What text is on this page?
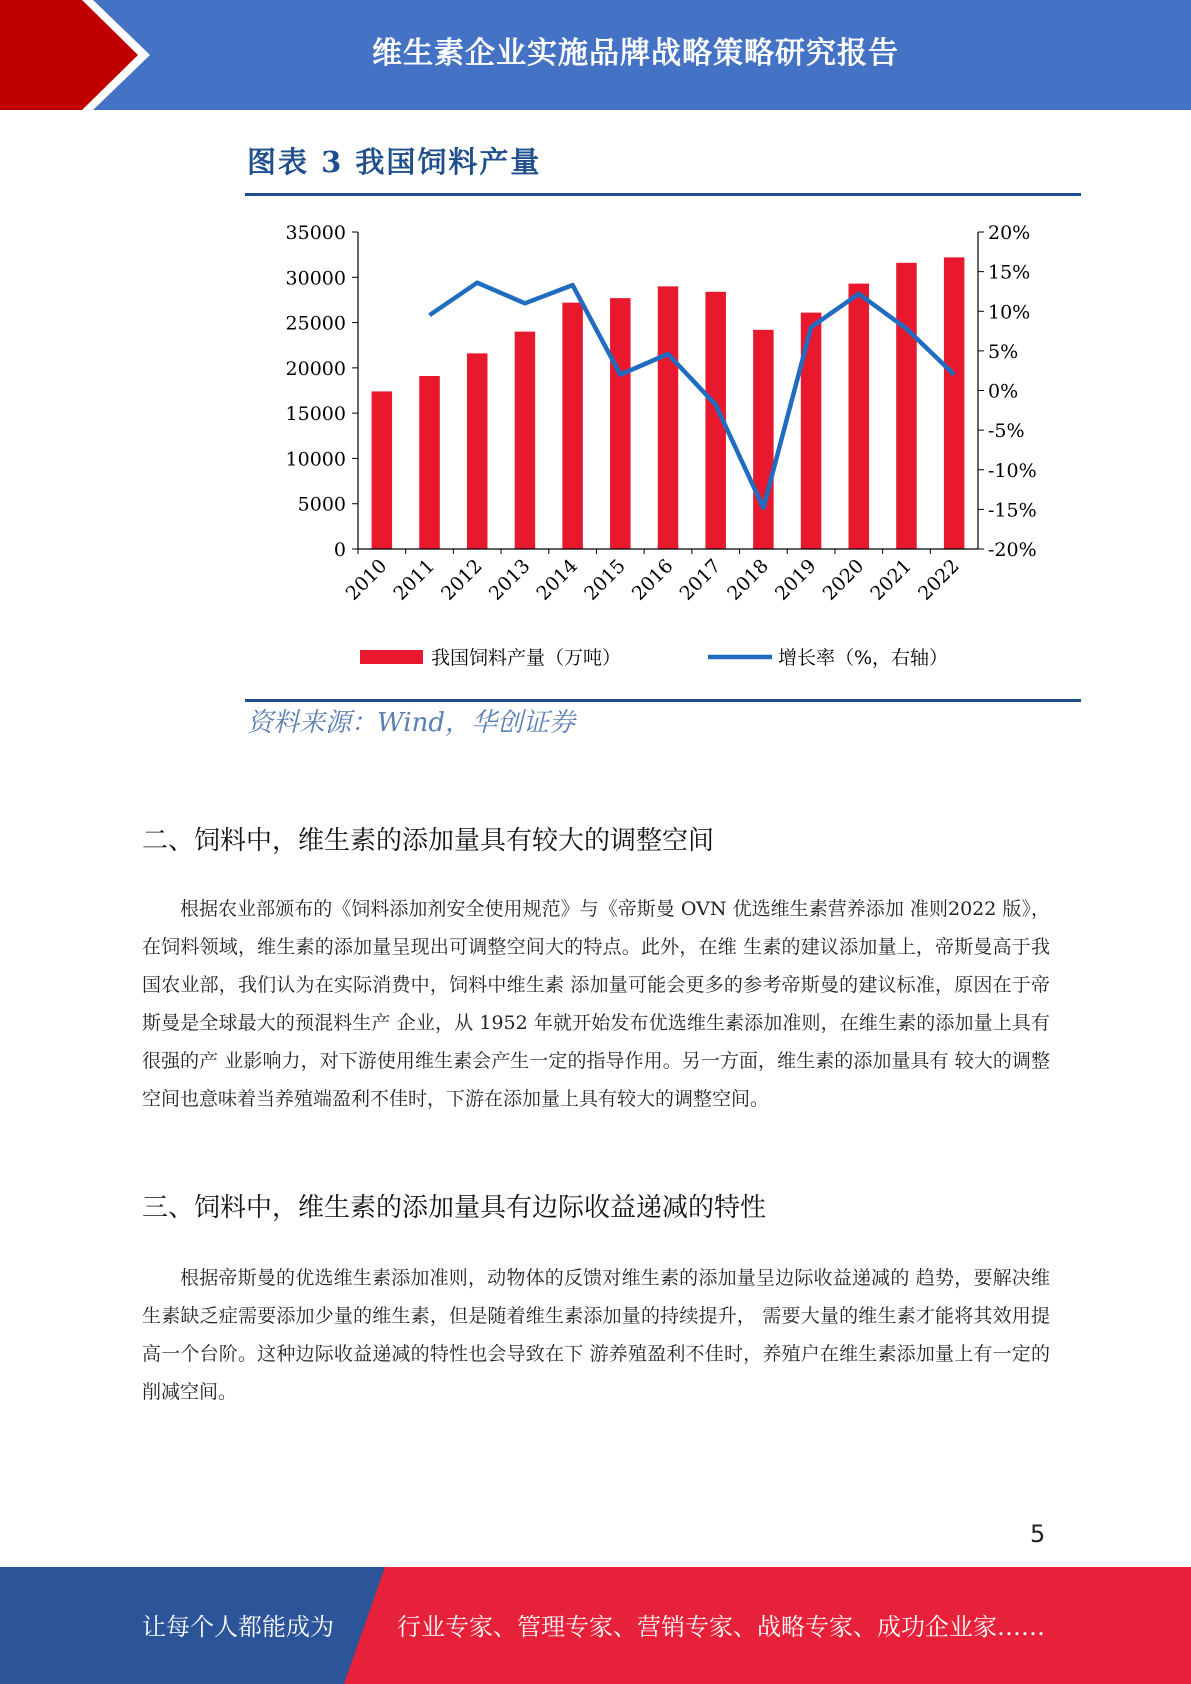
维生素企业实施品牌战略策略研究报告
图表 3 我国饲料产量
0
5000
10000
15000
20000
25000
30000
35000
-20%
-15%
-10%
-5%
0%
5%
10%
15%
20%
2010
2011
2012
2013
2014
2015
2016
2017
2018
2019
2020
2021
2022
我国饲料产量（万吨）	增长率（%，右轴）
资料来源：Wind，华创证券
二、饲料中，维生素的添加量具有较大的调整空间

根据农业部颁布的《饲料添加剂安全使用规范》与《帝斯曼 OVN 优选维生素营养添加 准则2022 版》，在饲料领域，维生素的添加量呈现出可调整空间大的特点。此外，在维 生素的建议添加量上，帝斯曼高于我国农业部，我们认为在实际消费中，饲料中维生素 添加量可能会更多的参考帝斯曼的建议标准，原因在于帝斯曼是全球最大的预混料生产 企业，从 1952 年就开始发布优选维生素添加准则，在维生素的添加量上具有很强的产 业影响力，对下游使用维生素会产生一定的指导作用。另一方面，维生素的添加量具有 较大的调整空间也意味着当养殖端盈利不佳时，下游在添加量上具有较大的调整空间。

三、饲料中，维生素的添加量具有边际收益递减的特性

根据帝斯曼的优选维生素添加准则，动物体的反馈对维生素的添加量呈边际收益递减的 趋势，要解决维生素缺乏症需要添加少量的维生素，但是随着维生素添加量的持续提升， 需要大量的维生素才能将其效用提高一个台阶。这种边际收益递减的特性也会导致在下 游养殖盈利不佳时，养殖户在维生素添加量上有一定的削减空间。

5
让每个人都能成为	行业专家、管理专家、营销专家、战略专家、成功企业家……
